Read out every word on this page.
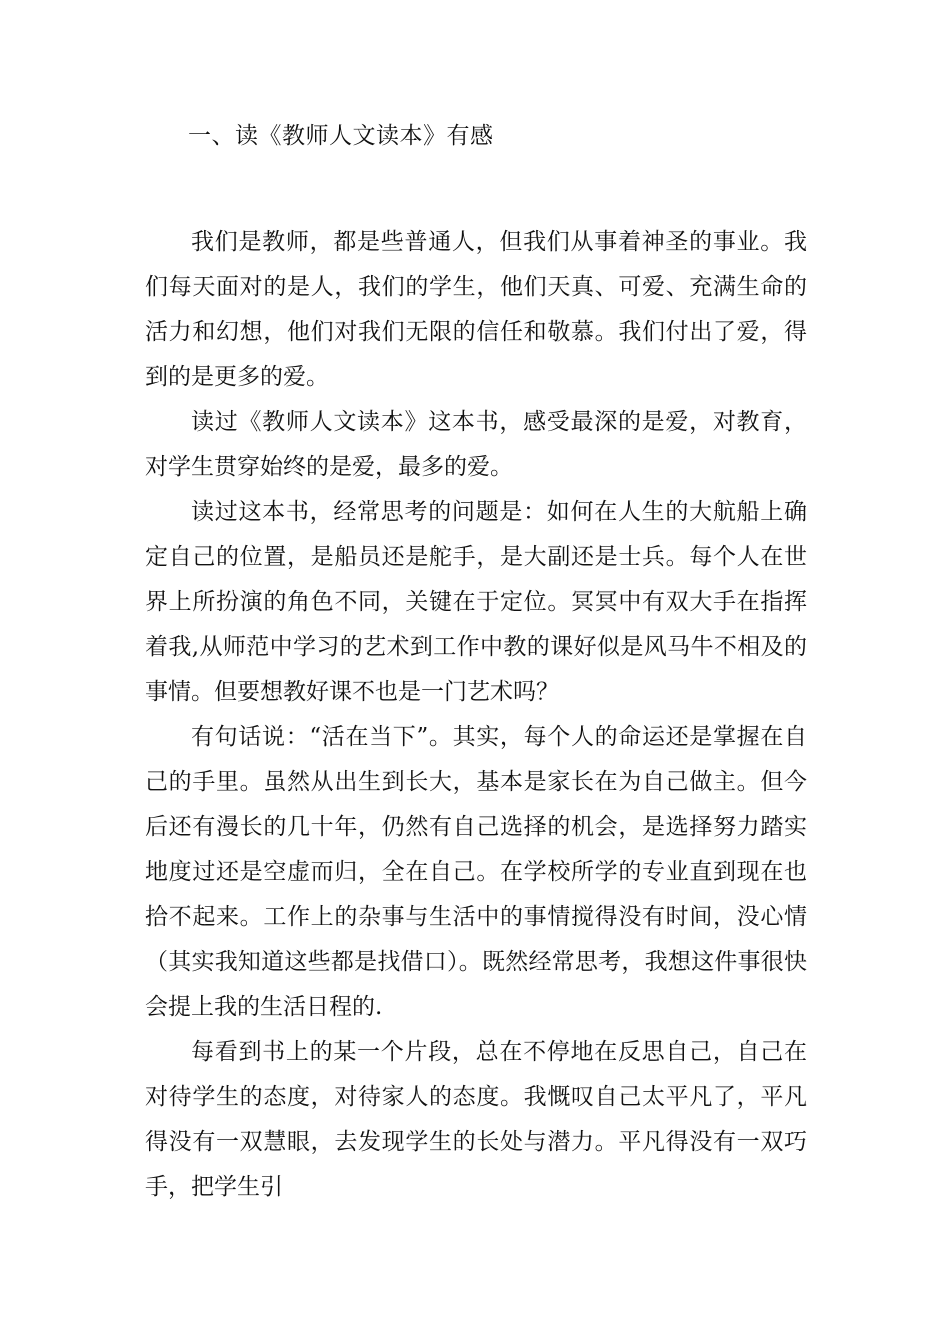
一、读《教师人文读本》有感

我们是教师，都是些普通人，但我们从事着神圣的事业。我们每天面对的是人，我们的学生，他们天真、可爱、充满生命的活力和幻想，他们对我们无限的信任和敬慕。我们付出了爱，得到的是更多的爱。

读过《教师人文读本》这本书，感受最深的是爱，对教育，对学生贯穿始终的是爱，最多的爱。

读过这本书，经常思考的问题是：如何在人生的大航船上确定自己的位置，是船员还是舵手，是大副还是士兵。每个人在世界上所扮演的角色不同，关键在于定位。冥冥中有双大手在指挥着我,从师范中学习的艺术到工作中教的课好似是风马牛不相及的事情。但要想教好课不也是一门艺术吗？

有句话说：“活在当下”。其实，每个人的命运还是掌握在自己的手里。虽然从出生到长大，基本是家长在为自己做主。但今后还有漫长的几十年，仍然有自己选择的机会，是选择努力踏实地度过还是空虚而归，全在自己。在学校所学的专业直到现在也拾不起来。工作上的杂事与生活中的事情搅得没有时间，没心情（其实我知道这些都是找借口）。既然经常思考，我想这件事很快会提上我的生活日程的.

每看到书上的某一个片段，总在不停地在反思自己，自己在对待学生的态度，对待家人的态度。我慨叹自己太平凡了，平凡得没有一双慧眼，去发现学生的长处与潜力。平凡得没有一双巧手，把学生引
